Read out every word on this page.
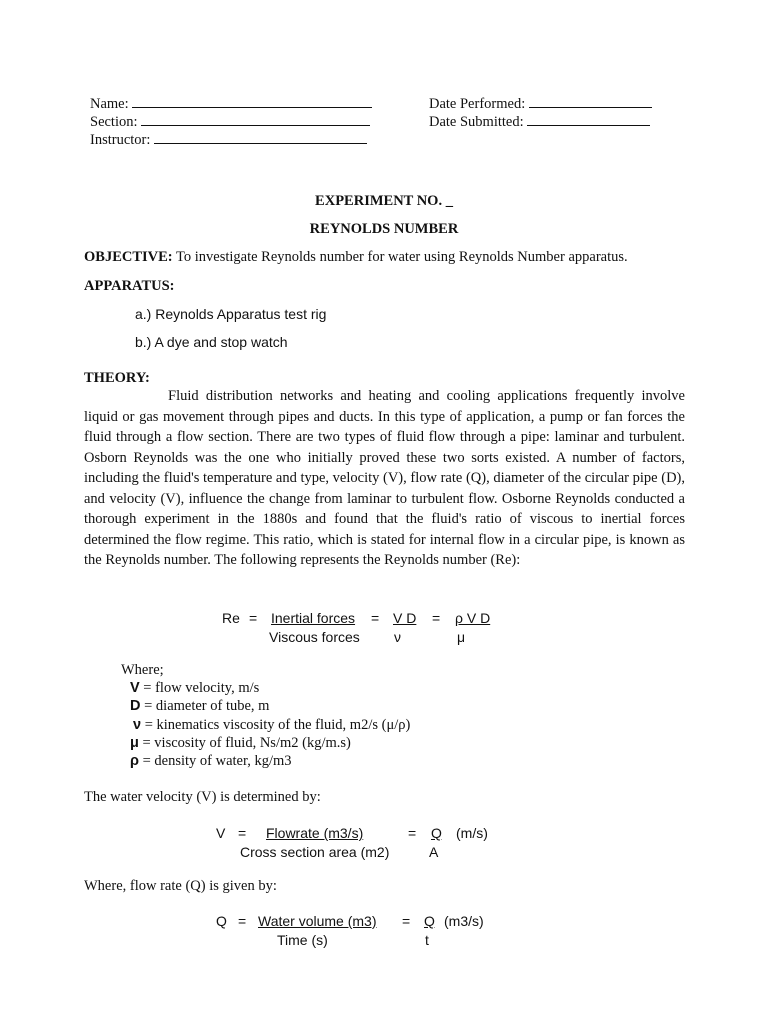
Name:
Section:
Instructor:
Date Performed:
Date Submitted:
EXPERIMENT NO. _
REYNOLDS NUMBER
OBJECTIVE: To investigate Reynolds number for water using Reynolds Number apparatus.
APPARATUS:
a.) Reynolds Apparatus test rig
b.) A dye and stop watch
THEORY:
Fluid distribution networks and heating and cooling applications frequently involve liquid or gas movement through pipes and ducts. In this type of application, a pump or fan forces the fluid through a flow section. There are two types of fluid flow through a pipe: laminar and turbulent. Osborn Reynolds was the one who initially proved these two sorts existed. A number of factors, including the fluid's temperature and type, velocity (V), flow rate (Q), diameter of the circular pipe (D), and velocity (V), influence the change from laminar to turbulent flow. Osborne Reynolds conducted a thorough experiment in the 1880s and found that the fluid's ratio of viscous to inertial forces determined the flow regime. This ratio, which is stated for internal flow in a circular pipe, is known as the Reynolds number. The following represents the Reynolds number (Re):
Re = Inertial forces
Viscous forces
= V D
ν
= ρ V D
μ
Where;
V = flow velocity, m/s
D = diameter of tube, m
ν = kinematics viscosity of the fluid, m2/s (μ/ρ)
μ = viscosity of fluid, Ns/m2 (kg/m.s)
ρ = density of water, kg/m3
The water velocity (V) is determined by:
V = Flowrate (m3/s)
Cross section area (m2)
= Q
A
(m/s)
Where, flow rate (Q) is given by:
Q = Water volume (m3)
Time (s)
= Q
t
(m3/s)
